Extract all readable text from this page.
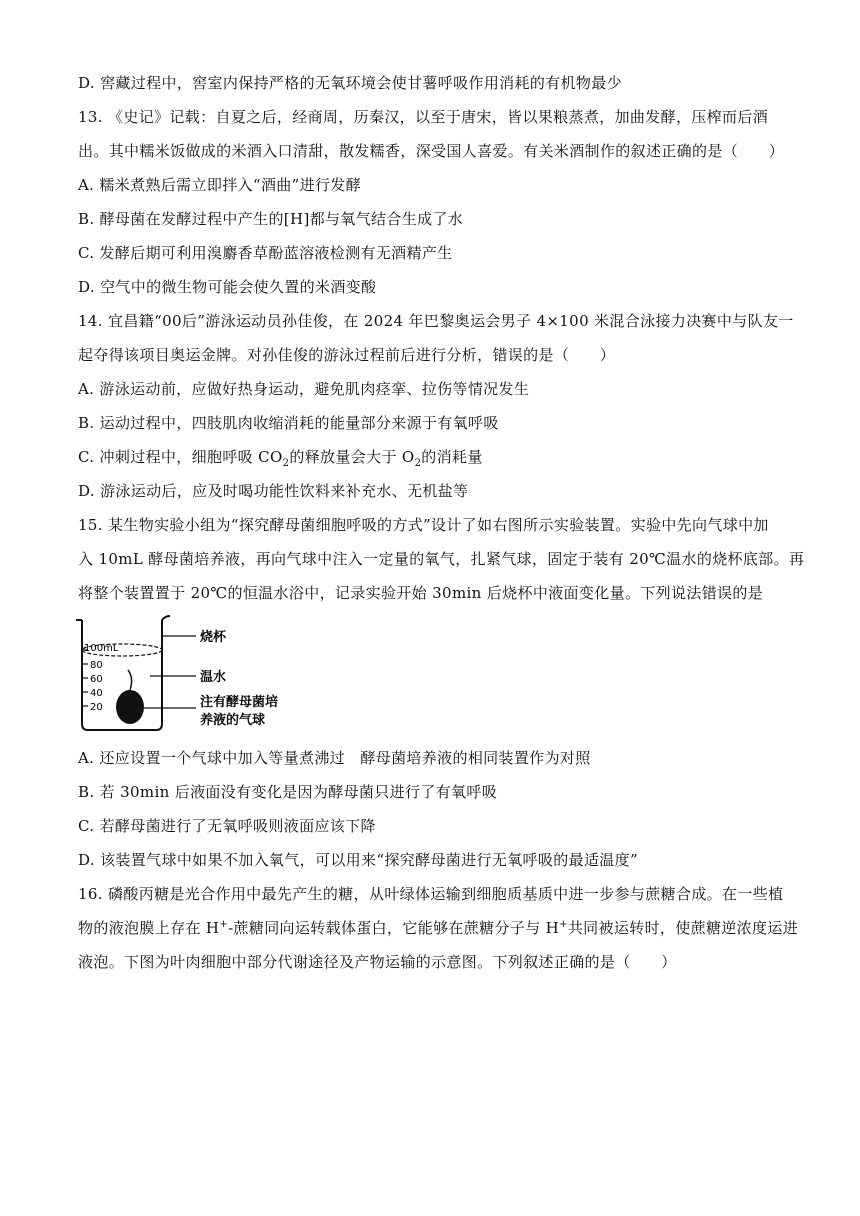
D. 窖藏过程中，窖室内保持严格的无氧环境会使甘薯呼吸作用消耗的有机物最少
13. 《史记》记载：自夏之后，经商周，历秦汉，以至于唐宋，皆以果粮蒸煮，加曲发酵，压榨而后酒
出。其中糯米饭做成的米酒入口清甜，散发糯香，深受国人喜爱。有关米酒制作的叙述正确的是（　　）
A. 糯米煮熟后需立即拌入“酒曲”进行发酵
B. 酵母菌在发酵过程中产生的[H]都与氧气结合生成了水
C. 发酵后期可利用溴麝香草酚蓝溶液检测有无酒精产生
D. 空气中的微生物可能会使久置的米酒变酸
14. 宜昌籍“00后”游泳运动员孙佳俊，在 2024 年巴黎奥运会男子 4×100 米混合泳接力决赛中与队友一
起夺得该项目奥运金牌。对孙佳俊的游泳过程前后进行分析，错误的是（　　）
A. 游泳运动前，应做好热身运动，避免肌肉痉挛、拉伤等情况发生
B. 运动过程中，四肢肌肉收缩消耗的能量部分来源于有氧呼吸
C. 冲刺过程中，细胞呼吸 $CO_2$的释放量会大于 $O_2$的消耗量
D. 游泳运动后，应及时喝功能性饮料来补充水、无机盐等
15. 某生物实验小组为“探究酵母菌细胞呼吸的方式”设计了如右图所示实验装置。实验中先向气球中加
入 10mL 酵母菌培养液，再向气球中注入一定量的氧气，扎紧气球，固定于装有 20℃温水的烧杯底部。再
将整个装置置于 20℃的恒温水浴中，记录实验开始 30min 后烧杯中液面变化量。下列说法错误的是
100mL
80
60
40
20
烧杯
温水
注有酵母菌培
养液的气球
A. 还应设置一个气球中加入等量煮沸过　酵母菌培养液的相同装置作为对照
B. 若 30min 后液面没有变化是因为酵母菌只进行了有氧呼吸
C. 若酵母菌进行了无氧呼吸则液面应该下降
D. 该装置气球中如果不加入氧气，可以用来“探究酵母菌进行无氧呼吸的最适温度”
16. 磷酸丙糖是光合作用中最先产生的糖，从叶绿体运输到细胞质基质中进一步参与蔗糖合成。在一些植
物的液泡膜上存在 H+-蔗糖同向运转载体蛋白，它能够在蔗糖分子与 H+共同被运转时，使蔗糖逆浓度运进
液泡。下图为叶肉细胞中部分代谢途径及产物运输的示意图。下列叙述正确的是（　　）
